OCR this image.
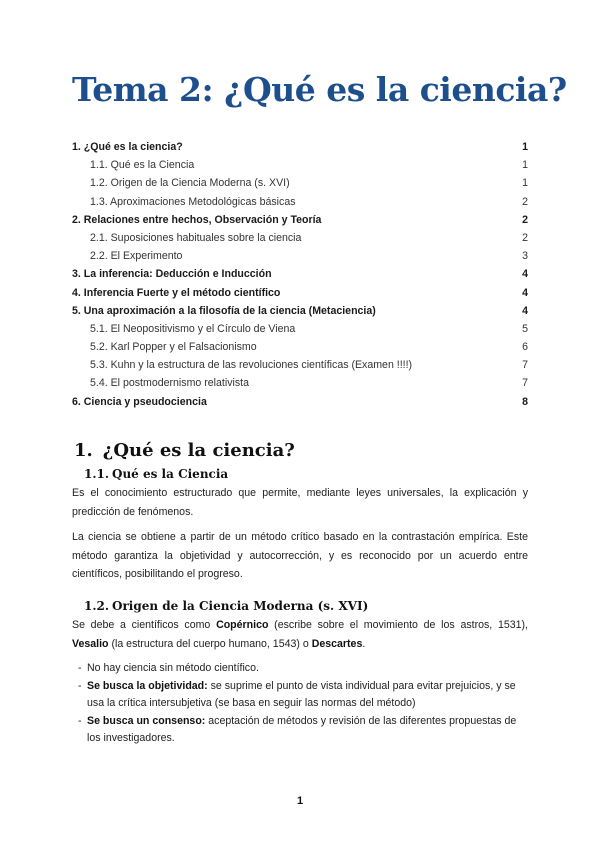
Tema 2: ¿Qué es la ciencia?
1. ¿Qué es la ciencia?	1
1.1. Qué es la Ciencia	1
1.2. Origen de la Ciencia Moderna (s. XVI)	1
1.3. Aproximaciones Metodológicas básicas	2
2. Relaciones entre hechos, Observación y Teoría	2
2.1. Suposiciones habituales sobre la ciencia	2
2.2. El Experimento	3
3. La inferencia: Deducción e Inducción	4
4. Inferencia Fuerte y el método científico	4
5. Una aproximación a la filosofía de la ciencia (Metaciencia)	4
5.1. El Neopositivismo y el Círculo de Viena	5
5.2. Karl Popper y el Falsacionismo	6
5.3. Kuhn y la estructura de las revoluciones científicas (Examen !!!!)	7
5.4. El postmodernismo relativista	7
6. Ciencia y pseudociencia	8
1. ¿Qué es la ciencia?
1.1. Qué es la Ciencia

Es el conocimiento estructurado que permite, mediante leyes universales, la explicación y predicción de fenómenos.

La ciencia se obtiene a partir de un método crítico basado en la contrastación empírica. Este método garantiza la objetividad y autocorrección, y es reconocido por un acuerdo entre científicos, posibilitando el progreso.

1.2. Origen de la Ciencia Moderna (s. XVI)

Se debe a científicos como Copérnico (escribe sobre el movimiento de los astros, 1531), Vesalio (la estructura del cuerpo humano, 1543) o Descartes.

- No hay ciencia sin método científico.
- Se busca la objetividad: se suprime el punto de vista individual para evitar prejuicios, y se usa la crítica intersubjetiva (se basa en seguir las normas del método)
- Se busca un consenso: aceptación de métodos y revisión de las diferentes propuestas de los investigadores.
1
